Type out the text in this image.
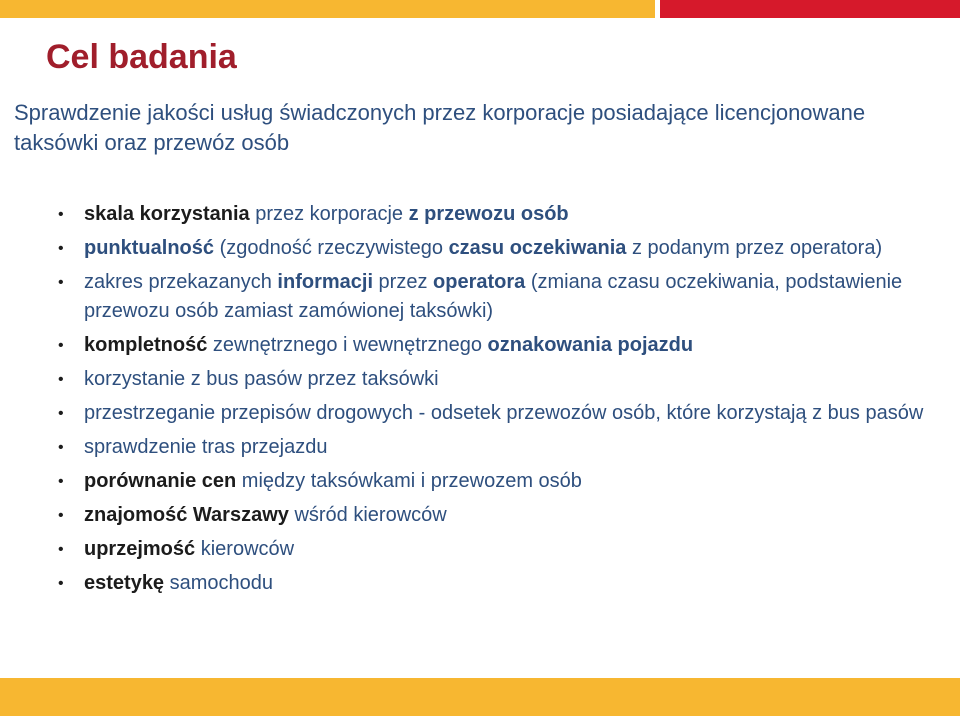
Cel badania
Sprawdzenie jakości usług świadczonych przez korporacje posiadające licencjonowane taksówki oraz przewóz osób
• skala korzystania przez korporacje z przewozu osób
• punktualność (zgodność rzeczywistego czasu oczekiwania z podanym przez operatora)
• zakres przekazanych informacji przez operatora (zmiana czasu oczekiwania, podstawienie przewozu osób zamiast zamówionej taksówki)
• kompletność zewnętrznego i wewnętrznego oznakowania pojazdu
• korzystanie z bus pasów przez taksówki
• przestrzeganie przepisów drogowych - odsetek przewozów osób, które korzystają z bus pasów
• sprawdzenie tras przejazdu
• porównanie cen między taksówkami i przewozem osób
• znajomość Warszawy wśród kierowców
• uprzejmość kierowców
• estetykę samochodu
